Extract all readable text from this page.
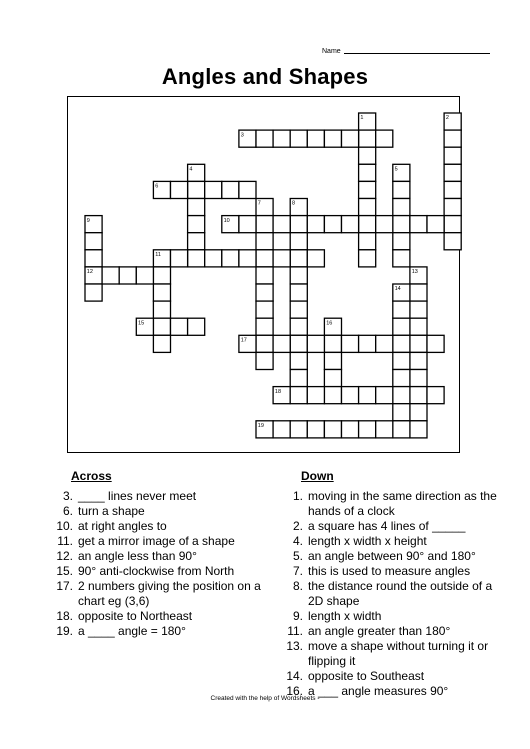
Name
Angles and Shapes
1	2
3
4	5
6
7	8
9	10
11
12	13
14
15	16
17
18
19
Across
3. ____ lines never meet
6. turn a shape
10. at right angles to
11. get a mirror image of a shape
12. an angle less than 90°
15. 90° anti-clockwise from North
17. 2 numbers giving the position on a chart eg (3,6)
18. opposite to Northeast
19. a ____ angle = 180°
Down
1. moving in the same direction as the hands of a clock
2. a square has 4 lines of _____
4. length x width x height
5. an angle between 90° and 180°
7. this is used to measure angles
8. the distance round the outside of a 2D shape
9. length x width
11. an angle greater than 180°
13. move a shape without turning it or flipping it
14. opposite to Southeast
16. a ___ angle measures 90°
Created with the help of Wordsheets -
